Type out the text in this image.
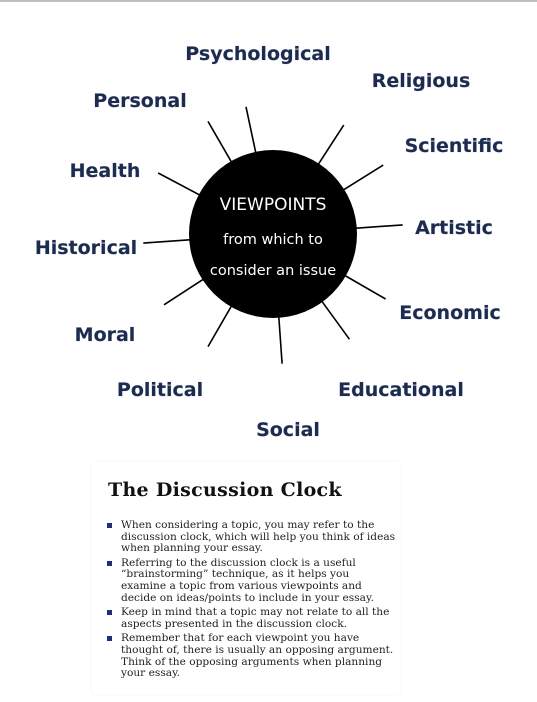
VIEWPOINTS
from which to
consider an issue
Psychological
Religious
Scientific
Artistic
Economic
Educational
Social
Political
Moral
Historical
Health
Personal
The Discussion Clock
When considering a topic, you may refer to the discussion clock, which will help you think of ideas when planning your essay.
Referring to the discussion clock is a useful “brainstorming” technique, as it helps you examine a topic from various viewpoints and decide on ideas/points to include in your essay.
Keep in mind that a topic may not relate to all the aspects presented in the discussion clock.
Remember that for each viewpoint you have thought of, there is usually an opposing argument. Think of the opposing arguments when planning your essay.
